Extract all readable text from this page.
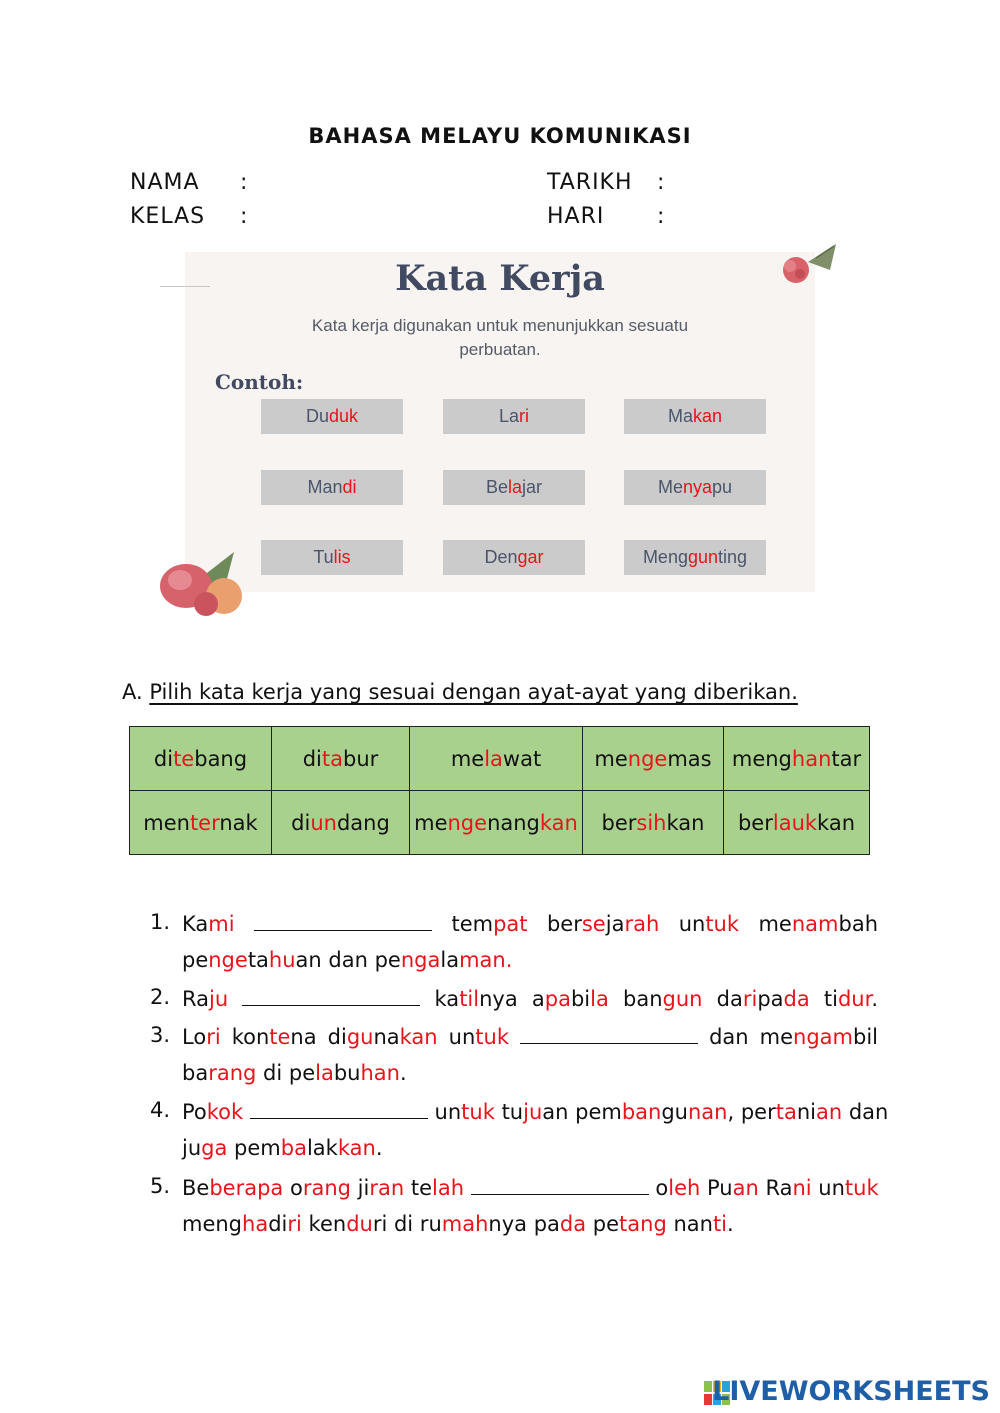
BAHASA MELAYU KOMUNIKASI
NAMA :
KELAS :
TARIKH :
HARI :
Kata Kerja
Kata kerja digunakan untuk menunjukkan sesuatu
perbuatan.
Contoh:
Du duk	La ri	Ma kan
Man di	Be la jar	Me nya pu
Tu lis	Den gar	Meng gun ting
A. Pilih kata kerja yang sesuai dengan ayat-ayat yang diberikan.
ditebang	ditabur	melawat	mengemas	menghantar
menternak	diundang	mengenangkan	bersihkan	berlaukkan
1. Kami	tempat bersejarah untuk menambah
pengetahuan dan pengalaman.
2. Raju	katilnya apabila bangun daripada tidur.
3. Lori kontena digunakan untuk	dan mengambil
barang di pelabuhan.
4. Pokok	untuk tujuan pembangunan, pertanian dan
juga pembalakkan.
5. Beberapa orang jiran telah	oleh Puan Rani untuk
menghadiri kenduri di rumahnya pada petang nanti.
LIVEWORKSHEETS
